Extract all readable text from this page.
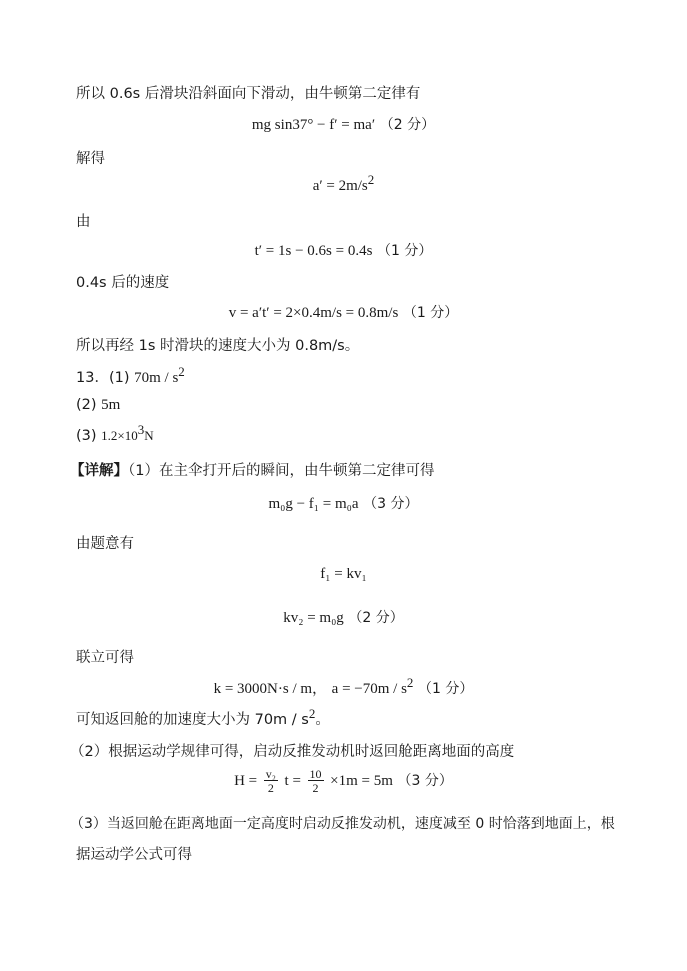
所以 0.6s 后滑块沿斜面向下滑动，由牛顿第二定律有
mg sin37° − f′ = ma′ （2 分）
解得
$a' = 2m/s^2$
由
t′ = 1s − 0.6s = 0.4s （1 分）
0.4s 后的速度
v = a′t′ = 2×0.4m/s = 0.8m/s （1 分）
所以再经 1s 时滑块的速度大小为 0.8m/s。
13．(1) $70m / s^2$
(2) 5m
(3) $1.2\times 10^3N$
【详解】（1）在主伞打开后的瞬间，由牛顿第二定律可得
m₀g − f₁ = m₀a （3 分）
由题意有
f₁ = kv₁
kv₂ = m₀g （2 分）
联立可得
k = 3000N·s / m， $a = -70m / s^2$ （1 分）
可知返回舱的加速度大小为 $70m / s^2$。
（2）根据运动学规律可得，启动反推发动机时返回舱距离地面的高度
$H = \frac{\text{v₂}}{2}$ $t = \frac{10}{2} \times 1m = 5m$ （3 分）
（3）当返回舱在距离地面一定高度时启动反推发动机，速度减至 0 时恰落到地面上，根
据运动学公式可得
